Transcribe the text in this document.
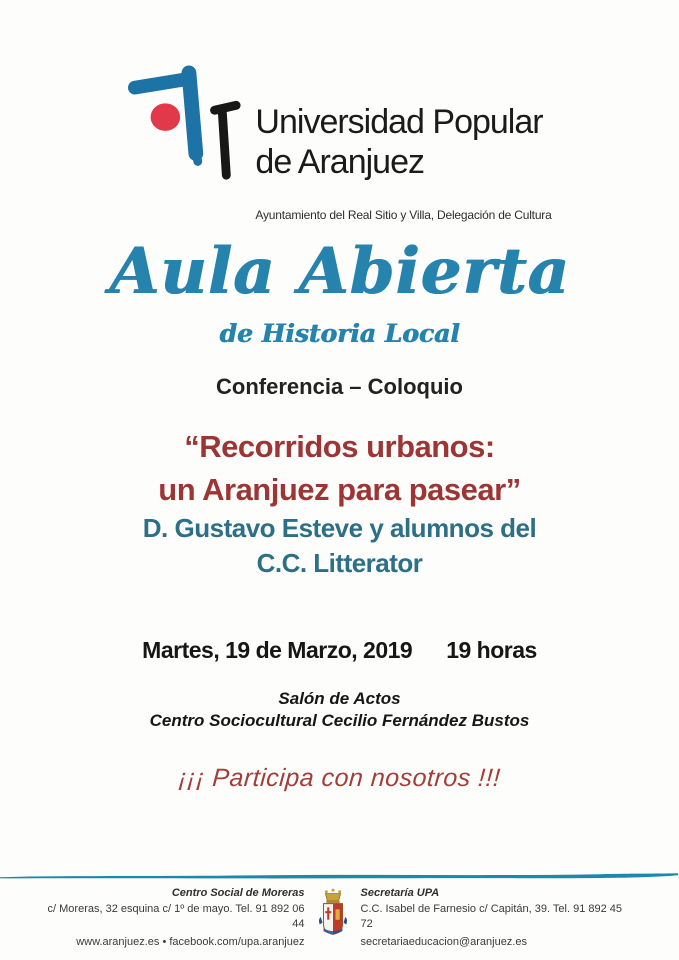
Universidad Popular
de Aranjuez
Ayuntamiento del Real Sitio y Villa, Delegación de Cultura
Aula Abierta
de Historia Local
Conferencia – Coloquio
“Recorridos urbanos:
un Aranjuez para pasear”
D. Gustavo Esteve y alumnos del
C.C. Litterator
Martes, 19 de Marzo, 2019 19 horas
Salón de Actos
Centro Sociocultural Cecilio Fernández Bustos
¡¡¡ Participa con nosotros !!!
Centro Social de Moreras
c/ Moreras, 32 esquina c/ 1º de mayo. Tel. 91 892 06 44
www.aranjuez.es • facebook.com/upa.aranjuez
Secretaría UPA
C.C. Isabel de Farnesio c/ Capitán, 39. Tel. 91 892 45 72
secretariaeducacion@aranjuez.es
